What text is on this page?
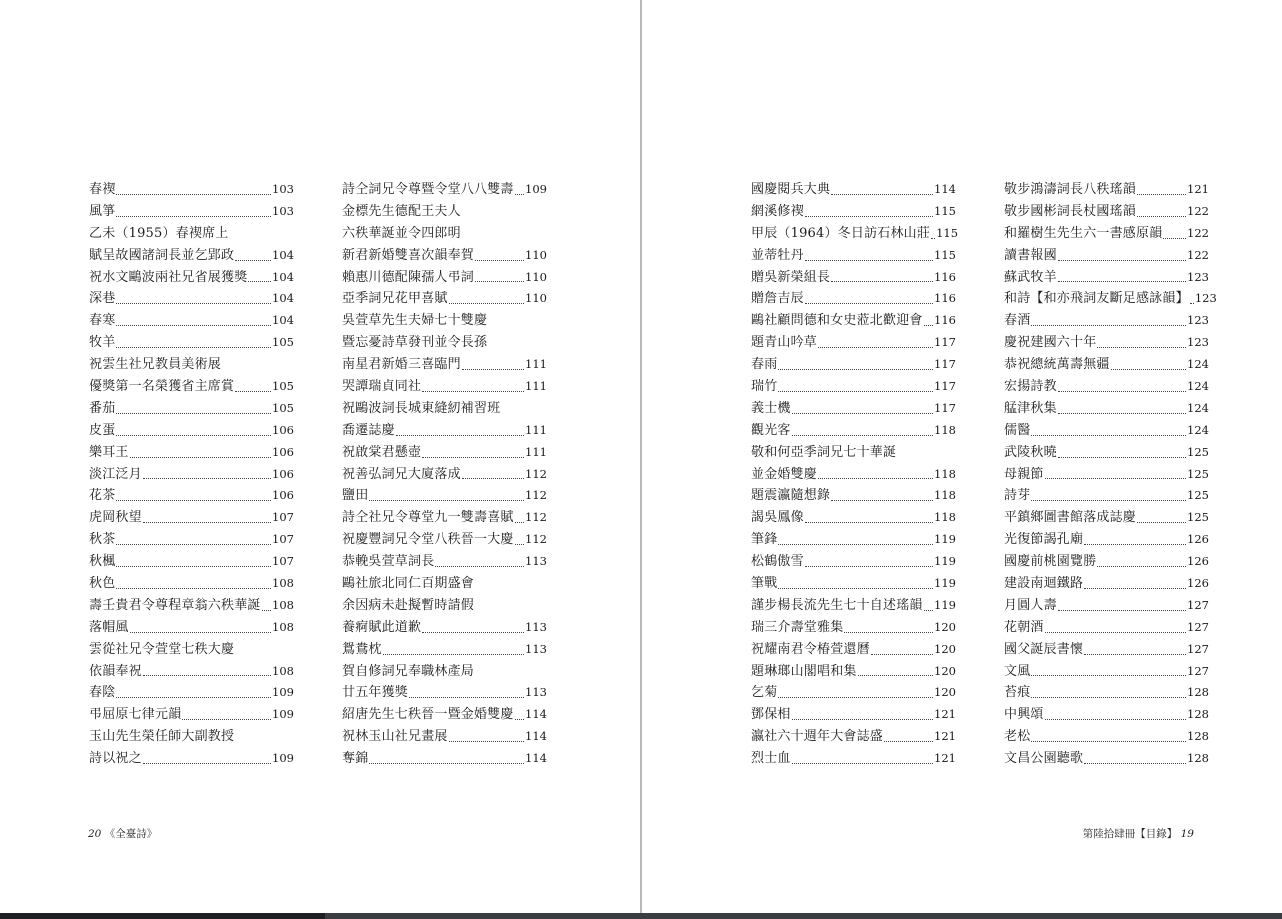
春禊	103
風箏	103
乙未（1955）春禊席上
賦呈故國諸詞長並乞郢政	104
祝水文鷗波兩社兄省展獲獎 104
深巷	104
春寒	104
牧羊	105
祝雲生社兄教員美術展
優獎第一名榮獲省主席賞	105
番茄	105
皮蛋	106
樂耳王	106
淡江泛月	106
花茶	106
虎岡秋望	107
秋茶	107
秋楓	107
秋色	108
壽壬貴君令尊程章翁六秩華誕 108
落帽風	108
雲從社兄令萱堂七秩大慶
依韻奉祝	108
春陰	109
弔屈原七律元韻	109
玉山先生榮任師大副教授
詩以祝之	109
詩仝詞兄令尊暨令堂八八雙壽 109
金標先生德配王夫人
六秩華誕並令四郎明
新君新婚雙喜次韻奉賀	110
賴惠川德配陳孺人弔詞	110
亞季詞兄花甲喜賦	110
吳萱草先生夫婦七十雙慶
暨忘憂詩草發刊並令長孫
南星君新婚三喜臨門	111
哭譚瑞貞同社	111
祝鷗波詞長城東縫紉補習班
喬遷誌慶	111
祝啟棠君懸壺	111
祝善弘詞兄大廈落成	112
鹽田	112
詩仝社兄令尊堂九一雙壽喜賦 112
祝慶豐詞兄令堂八秩晉一大慶 112
恭輓吳萱草詞長	113
鷗社旅北同仁百期盛會
余因病未赴擬暫時請假
養痾賦此道歉	113
鴛鴦枕	113
賀自修詞兄奉職林產局
廿五年獲獎	113
紹唐先生七秩晉一暨金婚雙慶 114
祝林玉山社兄畫展	114
奪錦	114
國慶閱兵大典	114
網溪修禊	115
甲辰（1964）冬日訪石林山莊 115
並蒂牡丹	115
贈吳新榮組長	116
贈詹吉辰	116
鷗社顧問德和女史蒞北歡迎會 116
題青山吟草	117
春雨	117
瑞竹	117
義士機	117
觀光客	118
敬和何亞季詞兄七十華誕
並金婚雙慶	118
題震瀛隨想錄	118
謁吳鳳像	118
筆鋒	119
松鶴傲雪	119
筆戰	119
謹步楊長流先生七十自述瑤韻 119
瑞三介壽堂雅集	120
祝耀南君令椿萱還曆	120
題琳瑯山閣唱和集	120
乞菊	120
鄧保相	121
瀛社六十週年大會誌盛	121
烈士血	121
敬步鴻濤詞長八秩瑤韻	121
敬步國彬詞長杖國瑤韻	122
和羅樹生先生六一書感原韻 122
讀書報國	122
蘇武牧羊	123
和詩【和亦飛詞友斷足感詠韻】 123
春酒	123
慶祝建國六十年	123
恭祝總統萬壽無疆	124
宏揚詩教	124
艋津秋集	124
儒醫	124
武陵秋曉	125
母親節	125
詩芽	125
平鎮鄉圖書館落成誌慶	125
光復節謁孔廟	126
國慶前桃園覽勝	126
建設南迴鐵路	126
月圓人壽	127
花朝酒	127
國父誕辰書懷	127
文風	127
苔痕	128
中興頌	128
老松	128
文昌公園聽歌	128
第陸拾肆冊【目錄】 19
20 《全臺詩》
